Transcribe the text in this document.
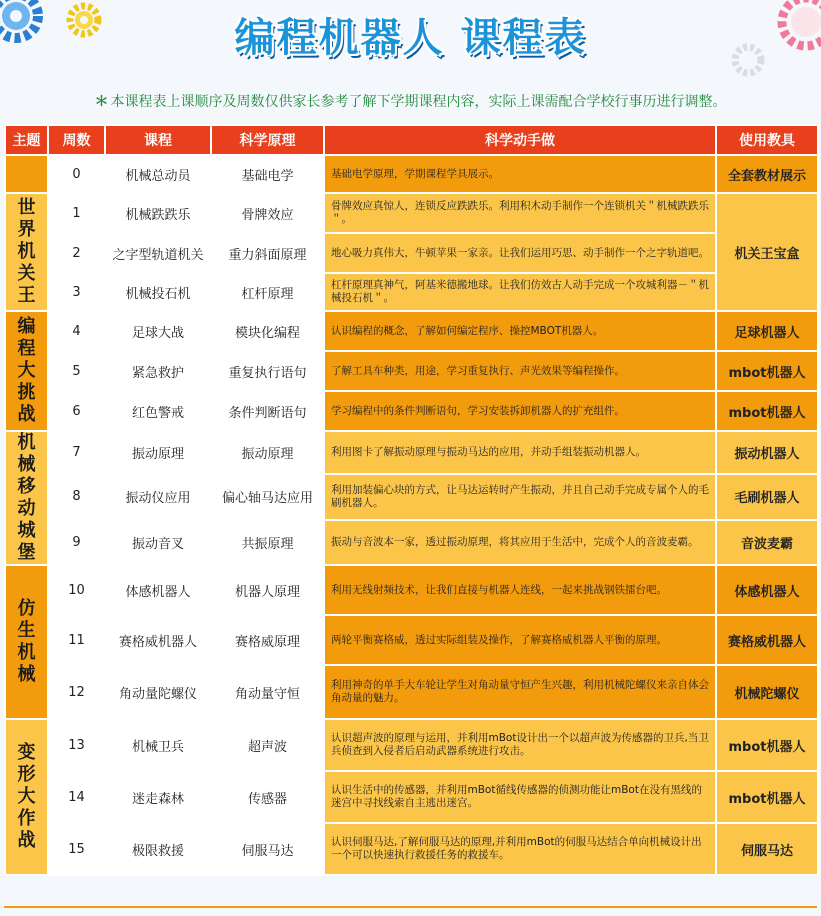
编程机器人 课程表
＊ 本课程表上课顺序及周数仅供家长参考了解下学期课程内容，实际上课需配合学校行事历进行调整。
主题	周数	课程	科学原理	科学动手做	使用教具
	0	机械总动员	基础电学	基础电学原理，学期课程学具展示。	全套教材展示

世界机关王	1	机械跌跌乐	骨牌效应	骨牌效应真惊人，连锁反应跌跌乐。利用积木动手制作一个连锁机关＂机械跌跌乐＂。	机关王宝盒
	2	之字型轨道机关	重力斜面原理	地心吸力真伟大，牛顿苹果一家亲。让我们运用巧思、动手制作一个之字轨道吧。	
	3	机械投石机	杠杆原理	杠杆原理真神气，阿基米德搬地球。让我们仿效古人动手完成一个攻城利器－＂机械投石机＂。	

编程大挑战	4	足球大战	模块化编程	认识编程的概念，了解如何编定程序、操控MBOT机器人。	足球机器人
	5	紧急救护	重复执行语句	了解工具车种类，用途，学习重复执行、声光效果等编程操作。	mbot机器人
	6	红色警戒	条件判断语句	学习编程中的条件判断语句，学习安装拆卸机器人的扩充组件。	mbot机器人

机械移动城堡	7	振动原理	振动原理	利用图卡了解振动原理与振动马达的应用，并动手组装振动机器人。	振动机器人
	8	振动仪应用	偏心轴马达应用	利用加装偏心块的方式，让马达运转时产生振动，并且自己动手完成专属个人的毛刷机器人。	毛刷机器人
	9	振动音叉	共振原理	振动与音波本一家，透过振动原理，将其应用于生活中，完成个人的音波麦霸。	音波麦霸

仿生机械	10	体感机器人	机器人原理	利用无线射频技术，让我们直接与机器人连线，一起来挑战钢铁擂台吧。	体感机器人
	11	赛格威机器人	赛格威原理	两轮平衡赛格威，透过实际组装及操作，了解赛格威机器人平衡的原理。	赛格威机器人
	12	角动量陀螺仪	角动量守恒	利用神奇的单手大车轮让学生对角动量守恒产生兴趣，利用机械陀螺仪来亲自体会角动量的魅力。	机械陀螺仪

变形大作战	13	机械卫兵	超声波	认识超声波的原理与运用，并利用mBot设计出一个以超声波为传感器的卫兵,当卫兵侦查到入侵者后启动武器系统进行攻击。	mbot机器人
	14	迷走森林	传感器	认识生活中的传感器，并利用mBot循线传感器的侦测功能让mBot在没有黑线的迷宫中寻找线索自主逃出迷宫。	mbot机器人
	15	极限救援	伺服马达	认识伺服马达,了解伺服马达的原理,并利用mBot的伺服马达结合单向机械设计出一个可以快速执行救援任务的救援车。	伺服马达
